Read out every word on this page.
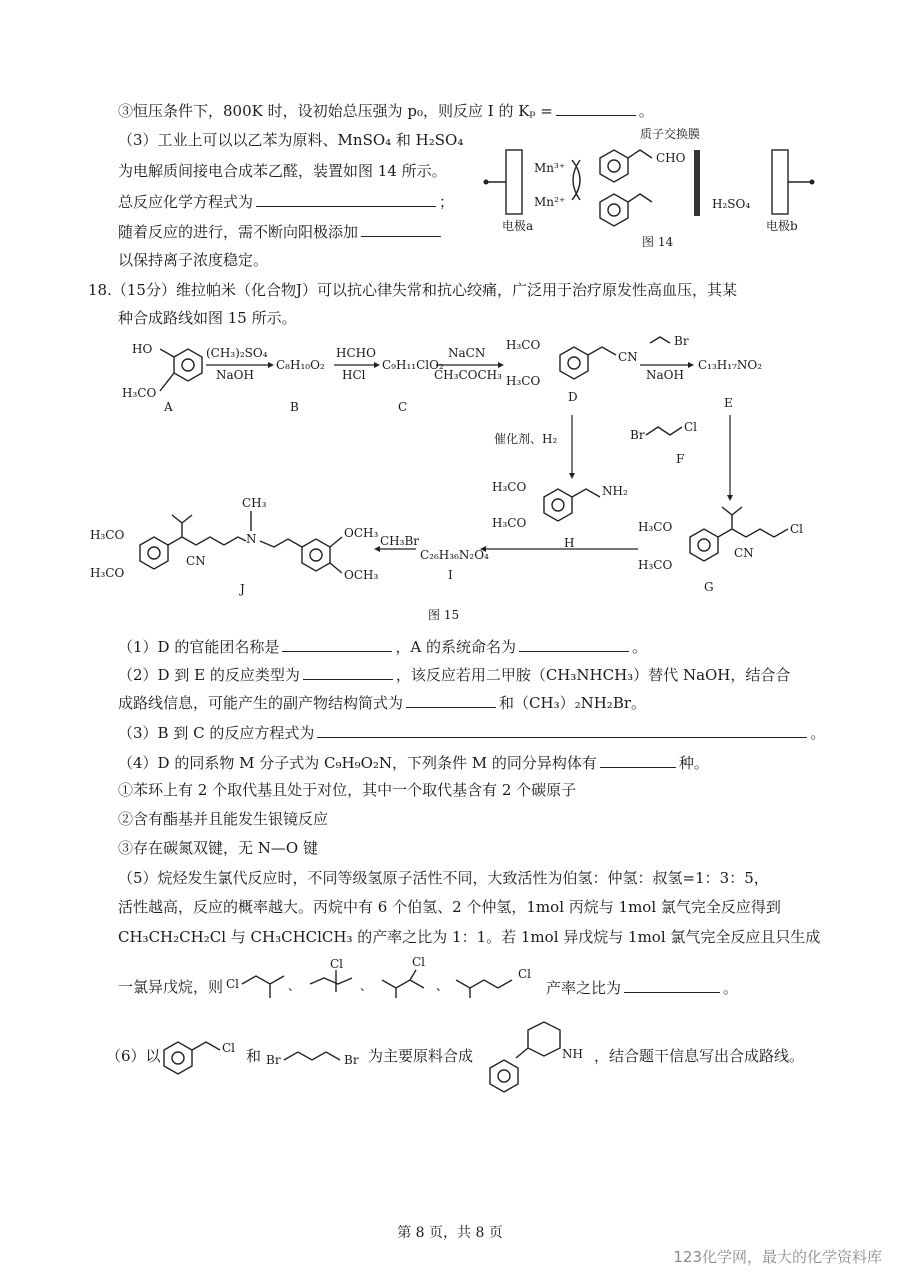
③恒压条件下，800K 时，设初始总压强为 p₀，则反应 Ⅰ 的 Kₚ =	。
（3）工业上可以以乙苯为原料、MnSO₄ 和 H₂SO₄
为电解质间接电合成苯乙醛，装置如图 14 所示。
总反应化学方程式为	；
随着反应的进行，需不断向阳极添加
以保持离子浓度稳定。
电极a
Mn³⁺
Mn²⁺
CHO
质子交换膜
H₂SO₄
电极b
图 14
18.（15分）维拉帕米（化合物J）可以抗心律失常和抗心绞痛，广泛用于治疗原发性高血压，其某
种合成路线如图 15 所示。
HO
H₃CO
A
(CH₃)₂SO₄
NaOH
C₈H₁₀O₂
B
HCHO
HCl
C₉H₁₁ClO₂
C
NaCN
CH₃COCH₃
H₃CO
H₃CO
CN
D
Br
NaOH
C₁₃H₁₇NO₂
E
催化剂、H₂	Br
Cl
F
H₃CO
H₃CO
NH₂
H
H₃CO
H₃CO
Cl
CN
G
C₂₆H₃₆N₂O₄
I
CH₃Br
H₃CO
H₃CO
CN
N
CH₃
OCH₃
OCH₃
J
图 15
（1）D 的官能团名称是	，A 的系统命名为	。
（2）D 到 E 的反应类型为	，该反应若用二甲胺（CH₃NHCH₃）替代 NaOH，结合合
成路线信息，可能产生的副产物结构简式为	和（CH₃）₂NH₂Br。
（3）B 到 C 的反应方程式为	。
（4）D 的同系物 M 分子式为 C₉H₉O₂N，下列条件 M 的同分异构体有	种。
①苯环上有 2 个取代基且处于对位，其中一个取代基含有 2 个碳原子
②含有酯基并且能发生银镜反应
③存在碳氮双键，无 N—O 键
（5）烷烃发生氯代反应时，不同等级氢原子活性不同，大致活性为伯氢：仲氢：叔氢=1：3：5，
活性越高，反应的概率越大。丙烷中有 6 个伯氢、2 个仲氢，1mol 丙烷与 1mol 氯气完全反应得到
CH₃CH₂CH₂Cl 与 CH₃CHClCH₃ 的产率之比为 1：1。若 1mol 异戊烷与 1mol 氯气完全反应且只生成
一氯异戊烷，则 Cl	、
Cl
、
Cl
、
Cl
产率之比为	。
（6）以	Cl 和 Br	Br 为主要原料合成	NH ，结合题干信息写出合成路线。
第 8 页，共 8 页
123化学网，最大的化学资料库
